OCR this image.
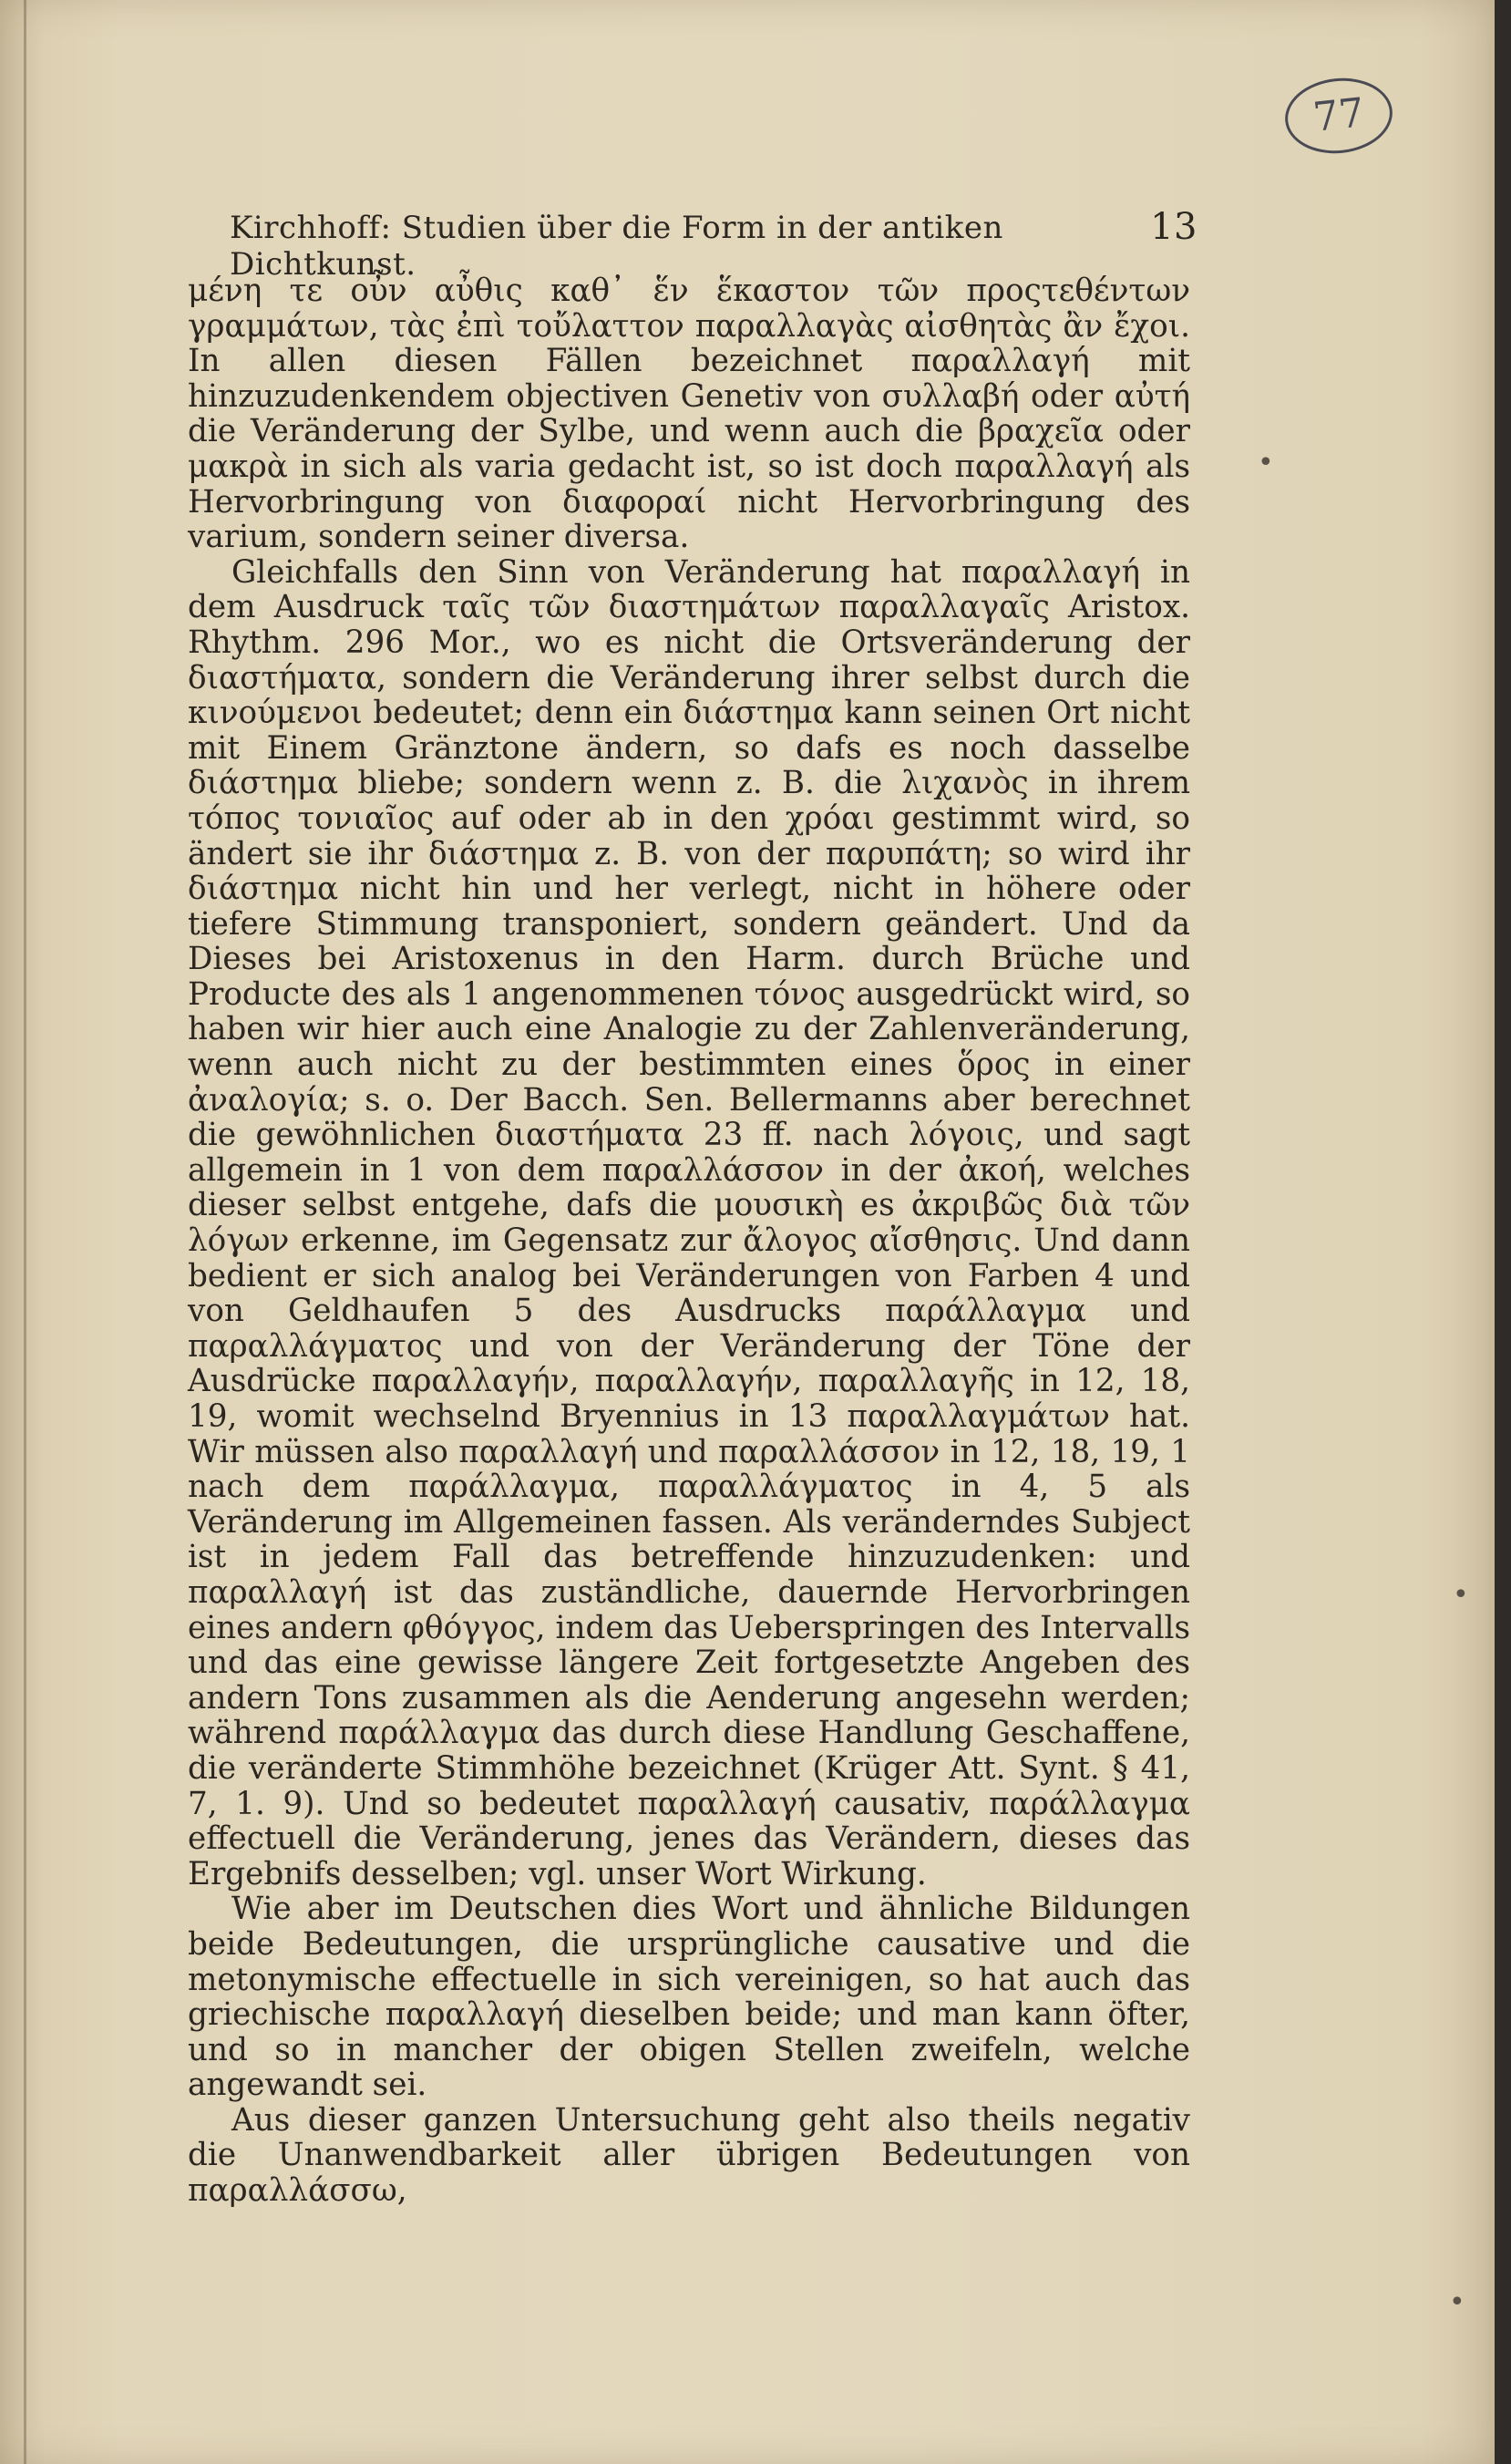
77
Kirchhoff: Studien über die Form in der antiken Dichtkunst.
13

μένη τε οὖν αὖθις καθ᾽ ἕν ἕκαστον τῶν προςτεθέντων γραμμάτων, τὰς ἐπὶ τοὔλαττον παραλλαγὰς αἰσθητὰς ἂν ἔχοι. In allen diesen Fällen bezeichnet παραλλαγή mit hinzuzudenkendem objectiven Genetiv von συλλαβή oder αὐτή die Veränderung der Sylbe, und wenn auch die βραχεῖα oder μακρὰ in sich als varia gedacht ist, so ist doch παραλλαγή als Hervorbringung von διαφοραί nicht Hervorbringung des varium, sondern seiner diversa.

Gleichfalls den Sinn von Veränderung hat παραλλαγή in dem Ausdruck ταῖς τῶν διαστημάτων παραλλαγαῖς Aristox. Rhythm. 296 Mor., wo es nicht die Ortsveränderung der διαστήματα, sondern die Veränderung ihrer selbst durch die κινούμενοι bedeutet; denn ein διάστημα kann seinen Ort nicht mit Einem Gränztone ändern, so dafs es noch dasselbe διάστημα bliebe; sondern wenn z. B. die λιχανὸς in ihrem τόπος τονιαῖος auf oder ab in den χρόαι gestimmt wird, so ändert sie ihr διάστημα z. B. von der παρυπάτη; so wird ihr διάστημα nicht hin und her verlegt, nicht in höhere oder tiefere Stimmung transponiert, sondern geändert. Und da Dieses bei Aristoxenus in den Harm. durch Brüche und Producte des als 1 angenommenen τόνος ausgedrückt wird, so haben wir hier auch eine Analogie zu der Zahlenveränderung, wenn auch nicht zu der bestimmten eines ὅρος in einer ἀναλογία; s. o. Der Bacch. Sen. Bellermanns aber berechnet die gewöhnlichen διαστήματα 23 ff. nach λόγοις, und sagt allgemein in 1 von dem παραλλάσσον in der ἀκοή, welches dieser selbst entgehe, dafs die μουσικὴ es ἀκριβῶς διὰ τῶν λόγων erkenne, im Gegensatz zur ἄλογος αἴσθησις. Und dann bedient er sich analog bei Veränderungen von Farben 4 und von Geldhaufen 5 des Ausdrucks παράλλαγμα und παραλλάγματος und von der Veränderung der Töne der Ausdrücke παραλλαγήν, παραλλαγήν, παραλλαγῆς in 12, 18, 19, womit wechselnd Bryennius in 13 παραλλαγμάτων hat. Wir müssen also παραλλαγή und παραλλάσσον in 12, 18, 19, 1 nach dem παράλλαγμα, παραλλάγματος in 4, 5 als Veränderung im Allgemeinen fassen. Als veränderndes Subject ist in jedem Fall das betreffende hinzuzudenken: und παραλλαγή ist das zuständliche, dauernde Hervorbringen eines andern φθόγγος, indem das Ueberspringen des Intervalls und das eine gewisse längere Zeit fortgesetzte Angeben des andern Tons zusammen als die Aenderung angesehn werden; während παράλλαγμα das durch diese Handlung Geschaffene, die veränderte Stimmhöhe bezeichnet (Krüger Att. Synt. § 41, 7, 1. 9). Und so bedeutet παραλλαγή causativ, παράλλαγμα effectuell die Veränderung, jenes das Verändern, dieses das Ergebnifs desselben; vgl. unser Wort Wirkung.

Wie aber im Deutschen dies Wort und ähnliche Bildungen beide Bedeutungen, die ursprüngliche causative und die metonymische effectuelle in sich vereinigen, so hat auch das griechische παραλλαγή dieselben beide; und man kann öfter, und so in mancher der obigen Stellen zweifeln, welche angewandt sei.

Aus dieser ganzen Untersuchung geht also theils negativ die Unanwendbarkeit aller übrigen Bedeutungen von παραλλάσσω,

•
•
•
